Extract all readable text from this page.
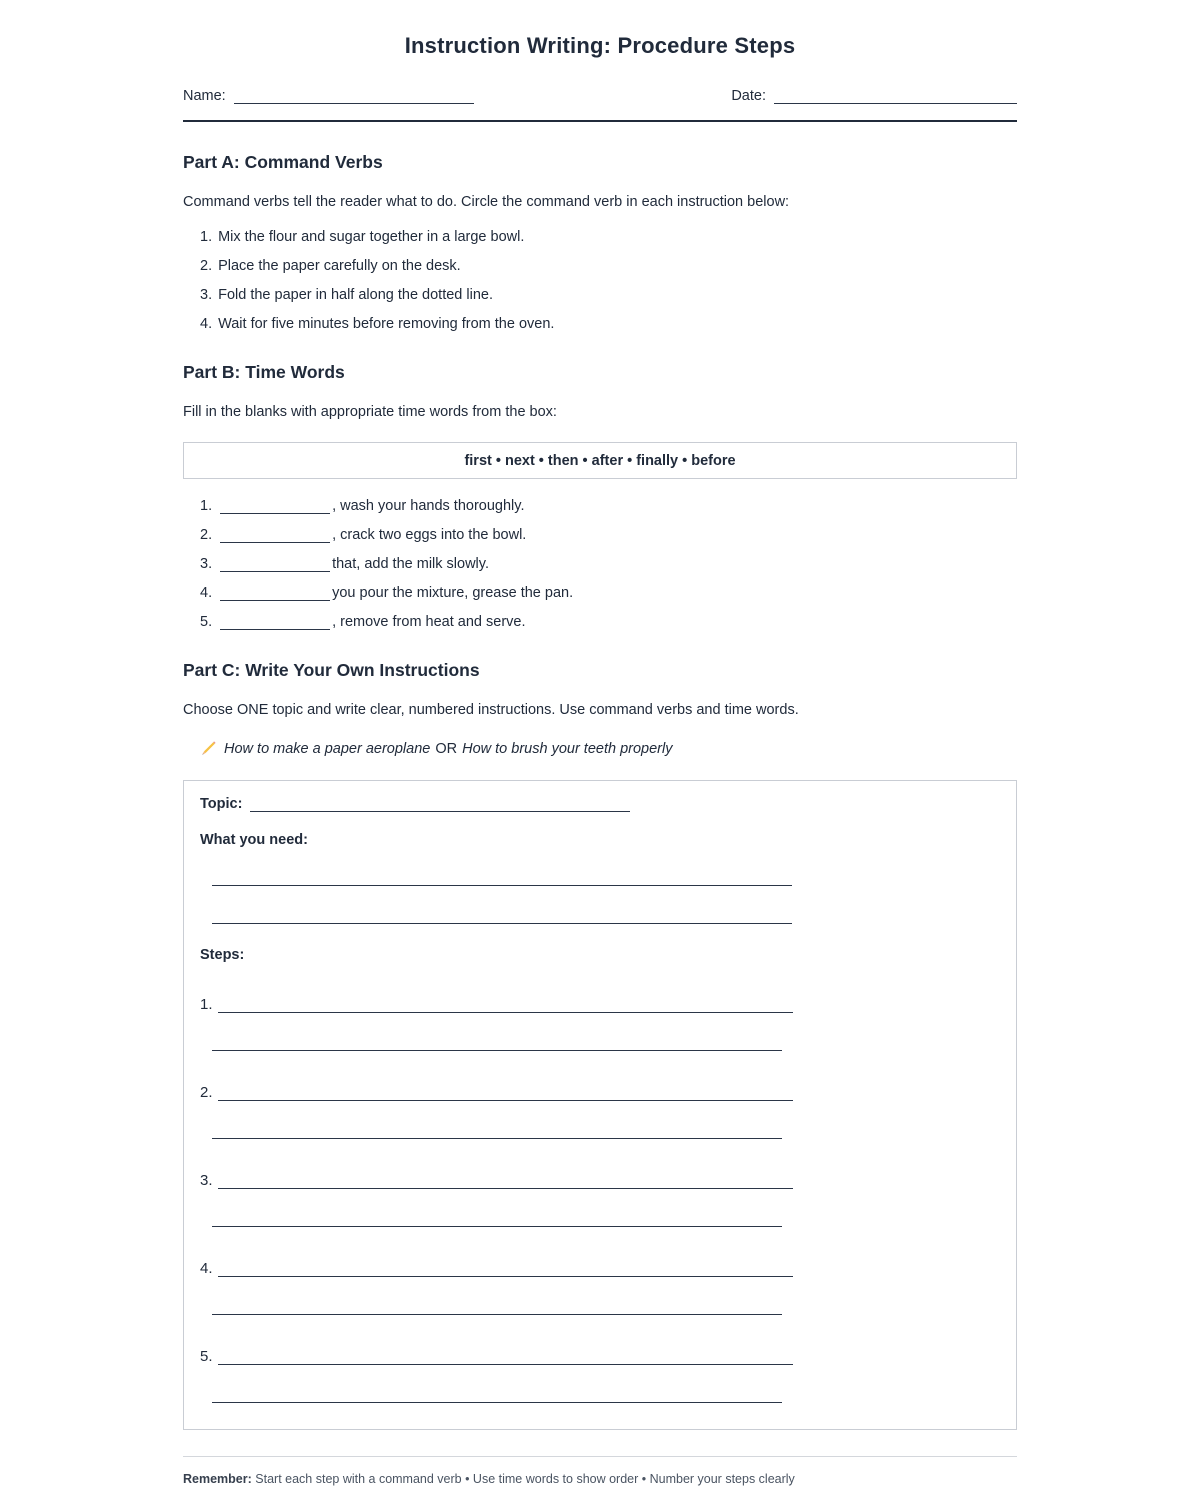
Instruction Writing: Procedure Steps
Name:	Date:
Part A: Command Verbs

Command verbs tell the reader what to do. Circle the command verb in each instruction below:

1. Mix the flour and sugar together in a large bowl.
2. Place the paper carefully on the desk.
3. Fold the paper in half along the dotted line.
4. Wait for five minutes before removing from the oven.
Part B: Time Words

Fill in the blanks with appropriate time words from the box:

first • next • then • after • finally • before
1.	, wash your hands thoroughly.
2.	, crack two eggs into the bowl.
3.	that, add the milk slowly.
4.	you pour the mixture, grease the pan.
5.	, remove from heat and serve.
Part C: Write Your Own Instructions

Choose ONE topic and write clear, numbered instructions. Use command verbs and time words.

How to make a paper aeroplane OR How to brush your teeth properly

Topic:
What you need:
Steps:
1.
2.
3.
4.
5.

Remember: Start each step with a command verb • Use time words to show order • Number your steps clearly
